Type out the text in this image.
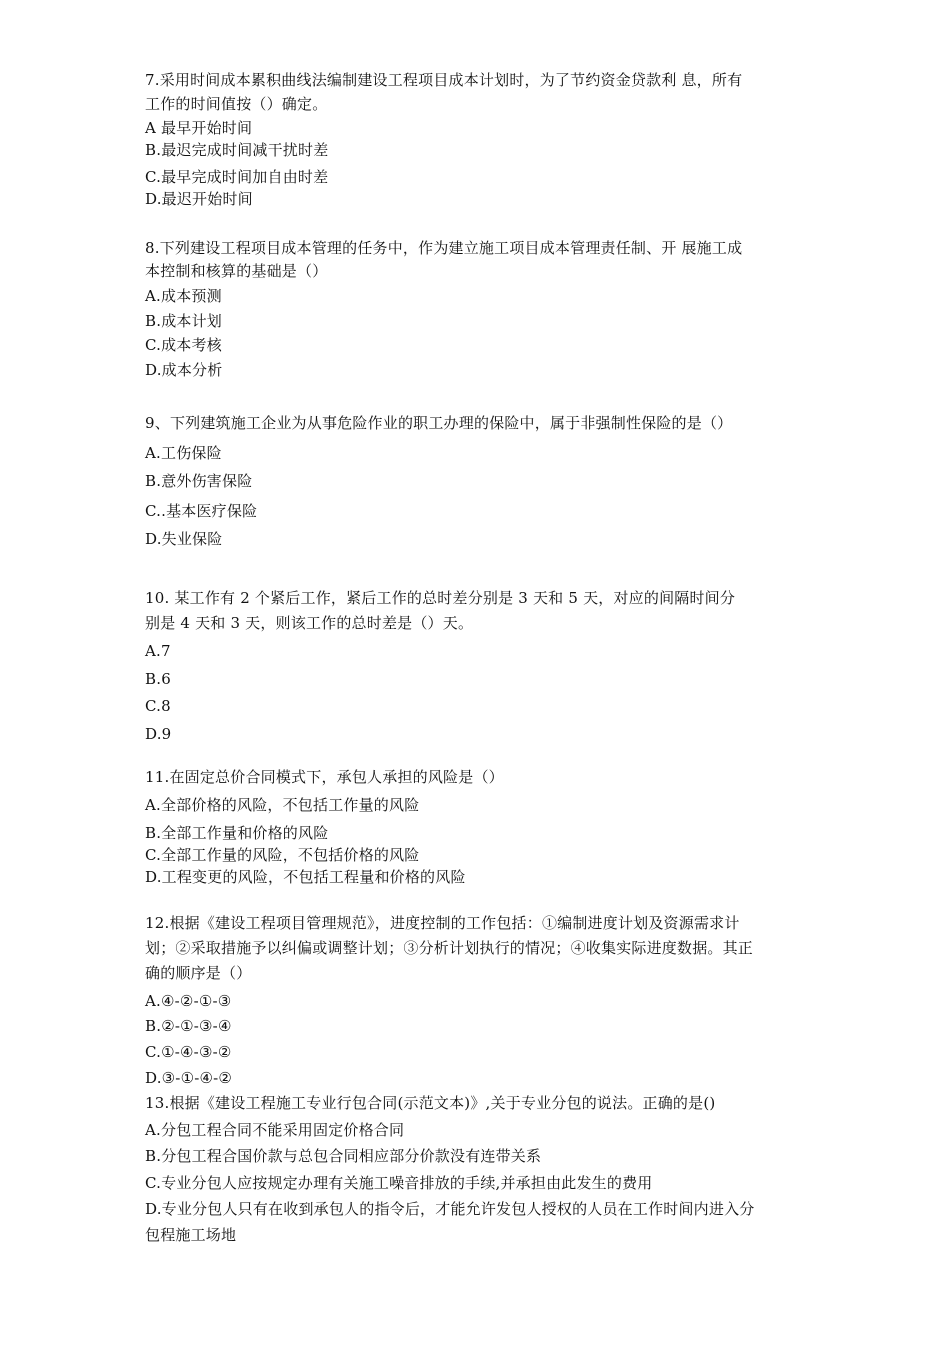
7.采用时间成本累积曲线法编制建设工程项目成本计划时，为了节约资金贷款利 息，所有
工作的时间值按（）确定。
A 最早开始时间
B.最迟完成时间减干扰时差
C.最早完成时间加自由时差
D.最迟开始时间
8.下列建设工程项目成本管理的任务中，作为建立施工项目成本管理责任制、开 展施工成
本控制和核算的基础是（）
A.成本预测
B.成本计划
C.成本考核
D.成本分析
9、下列建筑施工企业为从事危险作业的职工办理的保险中，属于非强制性保险的是（）
A.工伤保险
B.意外伤害保险
C..基本医疗保险
D.失业保险
10. 某工作有 2 个紧后工作，紧后工作的总时差分别是 3 天和 5 天，对应的间隔时间分
别是 4 天和 3 天，则该工作的总时差是（）天。
A.7
B.6
C.8
D.9
11.在固定总价合同模式下，承包人承担的风险是（）
A.全部价格的风险，不包括工作量的风险
B.全部工作量和价格的风险
C.全部工作量的风险，不包括价格的风险
D.工程变更的风险，不包括工程量和价格的风险
12.根据《建设工程项目管理规范》，进度控制的工作包括：①编制进度计划及资源需求计
划；②采取措施予以纠偏或调整计划；③分析计划执行的情况；④收集实际进度数据。其正
确的顺序是（）
A.④-②-①-③
B.②-①-③-④
C.①-④-③-②
D.③-①-④-②
13.根据《建设工程施工专业行包合同(示范文本)》,关于专业分包的说法。正确的是()
A.分包工程合同不能采用固定价格合同
B.分包工程合国价款与总包合同相应部分价款没有连带关系
C.专业分包人应按规定办理有关施工噪音排放的手续,并承担由此发生的费用
D.专业分包人只有在收到承包人的指令后，才能允许发包人授权的人员在工作时间内进入分
包程施工场地
